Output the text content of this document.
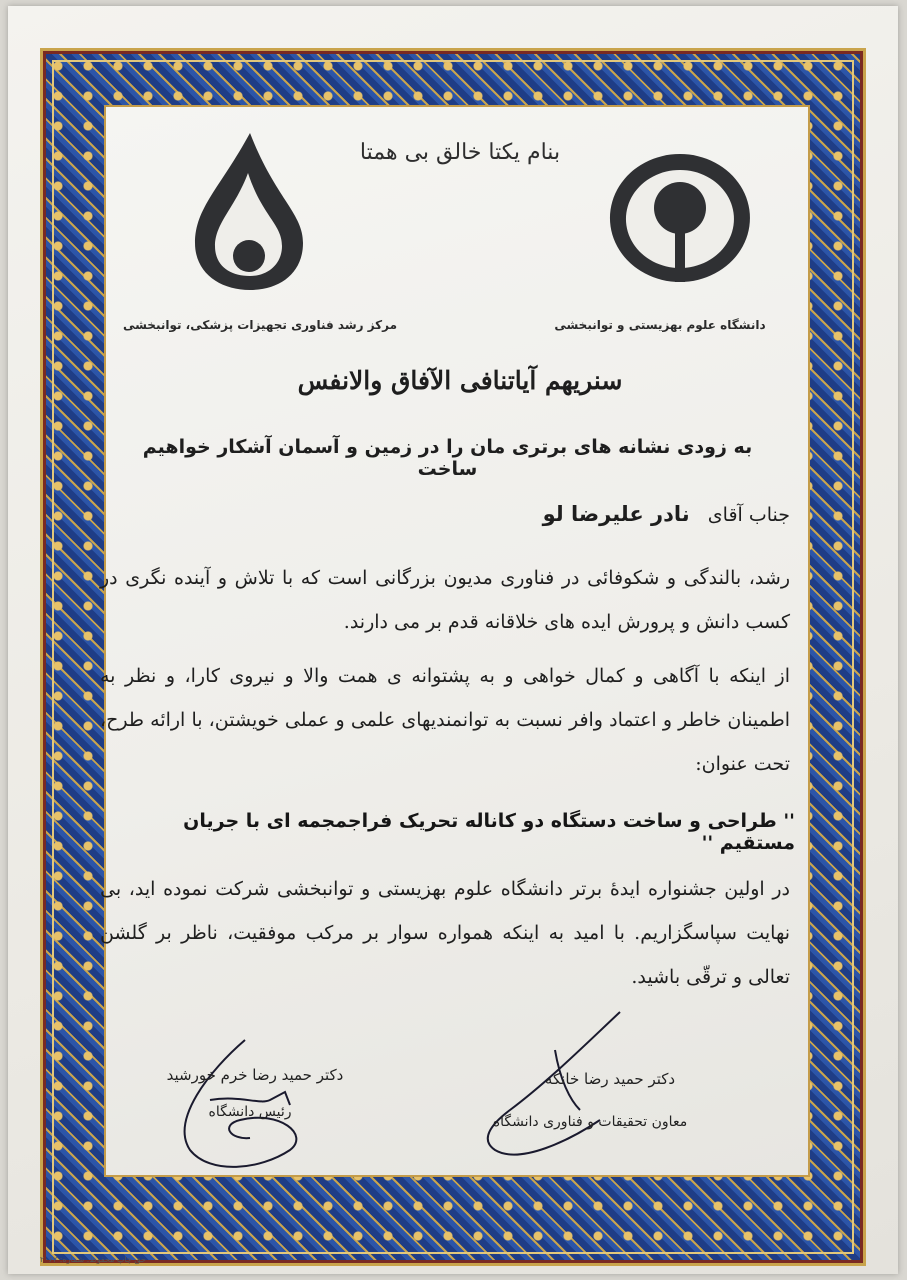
بنام یکتا خالق بی همتا
مرکز رشد فناوری تجهیزات پزشکی، توانبخشی	دانشگاه علوم بهزیستی و توانبخشی
سنریهم آیاتنافی الآفاق والانفس
به زودی نشانه های برتری مان را در زمین و آسمان آشکار خواهیم ساخت
جناب آقای   نادر علیرضا لو
رشد، بالندگی و شکوفائی در فناوری مدیون بزرگانی است که با تلاش و آینده نگری در کسب دانش و پرورش ایده های خلاقانه قدم بر می دارند.
از اینکه با آگاهی و کمال خواهی و به پشتوانه ی همت والا و نیروی کارا، و نظر به اطمینان خاطر و اعتماد وافر نسبت به توانمندیهای علمی و عملی خویشتن، با ارائه طرح، تحت عنوان:
'' طراحی و ساخت دستگاه دو کاناله تحریک فراجمجمه ای با جریان مستقیم ''
در اولین جشنواره ایدهٔ برتر دانشگاه علوم بهزیستی و توانبخشی شرکت نموده اید، بی نهایت سپاسگزاریم. با امید به اینکه همواره سوار بر مرکب موفقیت، ناظر بر گلشن تعالی و ترقّی باشید.
دکتر حمید رضا خرم خورشید
رئیس دانشگاه
دکتر حمید رضا خانکه
معاون تحقیقات و فناوری دانشگاه
حق چاپ محفوظ. شماره: ۲۰۶۲
